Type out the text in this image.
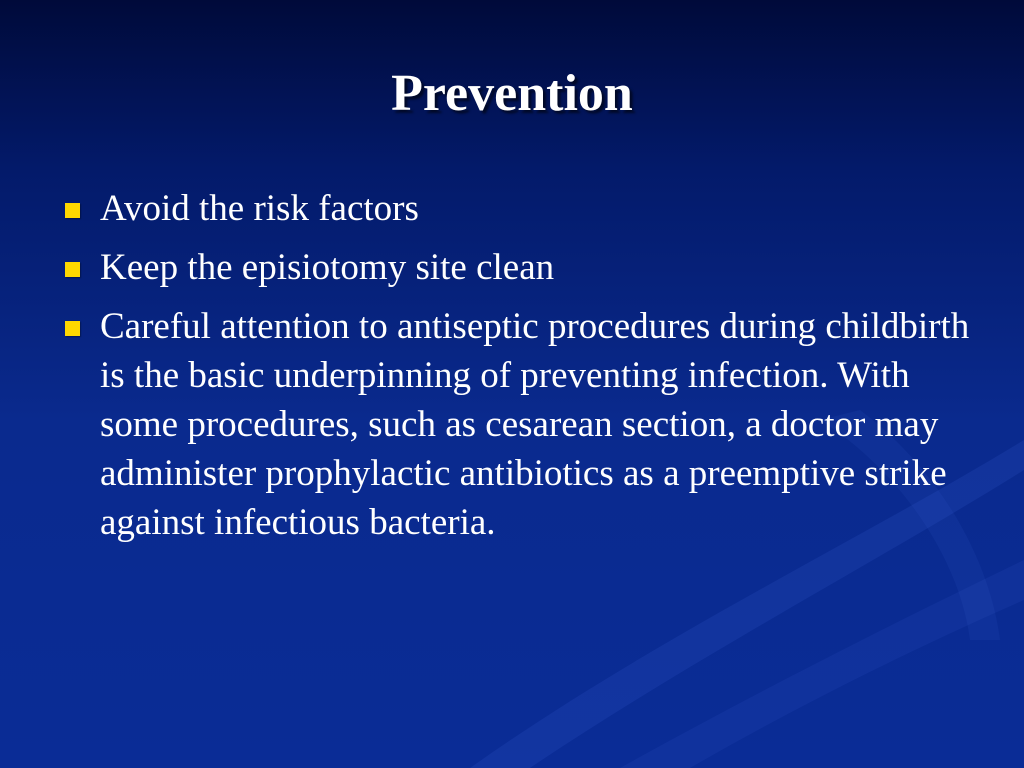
Prevention
Avoid the risk factors
Keep the episiotomy site clean
Careful attention to antiseptic procedures during childbirth is the basic underpinning of preventing infection. With some procedures, such as cesarean section, a doctor may administer prophylactic antibiotics as a preemptive strike against infectious bacteria.
